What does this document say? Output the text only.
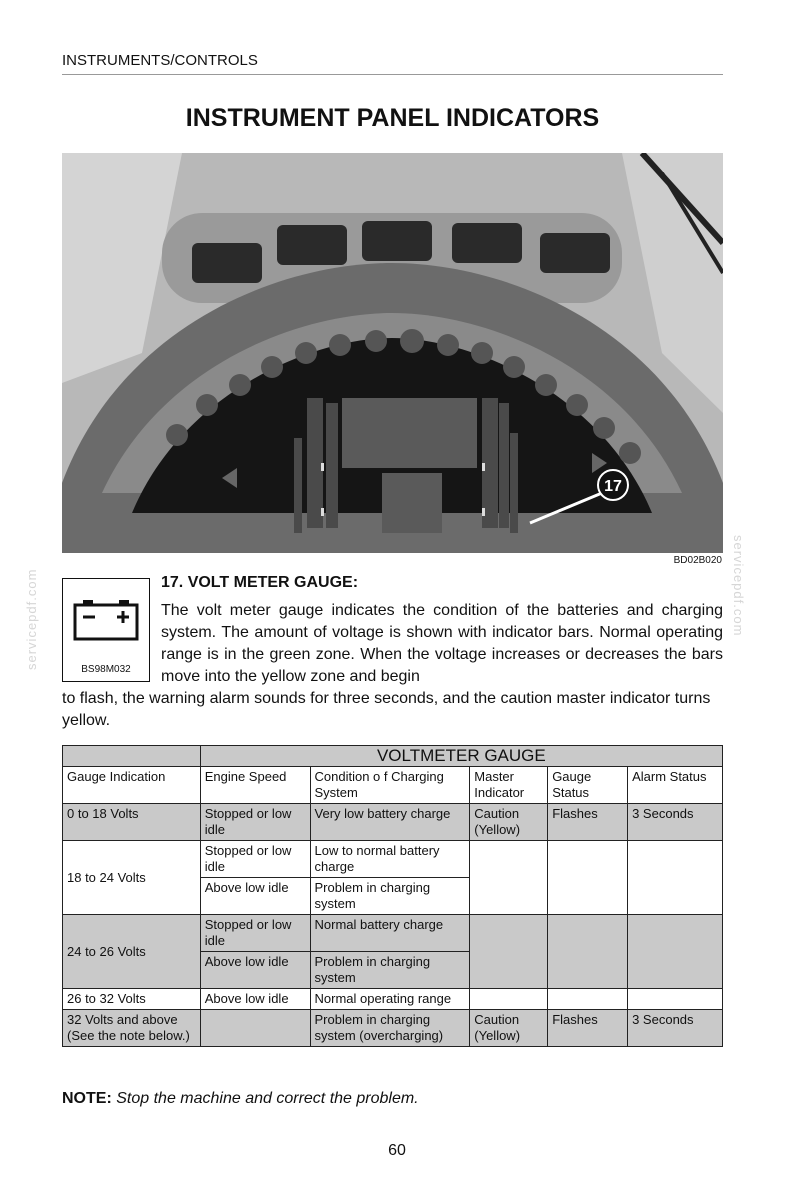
INSTRUMENTS/CONTROLS
INSTRUMENT PANEL INDICATORS
17
BD02B020
servicepdf.com	servicepdf.com
BS98M032
17. VOLT METER GAUGE:
The volt meter gauge indicates the condition of the batteries and charging system. The amount of voltage is shown with indicator bars. Normal operating range is in the green zone. When the voltage increases or decreases the bars move into the yellow zone and begin
to flash, the warning alarm sounds for three seconds, and the caution master indicator turns yellow.
	VOLTMETER GAUGE				
Gauge Indication	Engine Speed	Condition o f Charging System	Master Indicator	Gauge Status	Alarm Status
0 to 18 Volts	Stopped or low idle	Very low battery charge	Caution (Yellow)	Flashes	3 Seconds
18 to 24 Volts	Stopped or low idle	Low to normal battery charge			
	Above low idle	Problem in charging system			
24 to 26 Volts	Stopped or low idle	Normal battery charge			
	Above low idle	Problem in charging system			
26 to 32 Volts	Above low idle	Normal operating range			
32 Volts and above (See the note below.)		Problem in charging system (overcharging)	Caution (Yellow)	Flashes	3 Seconds
NOTE: Stop the machine and correct the problem.
60
